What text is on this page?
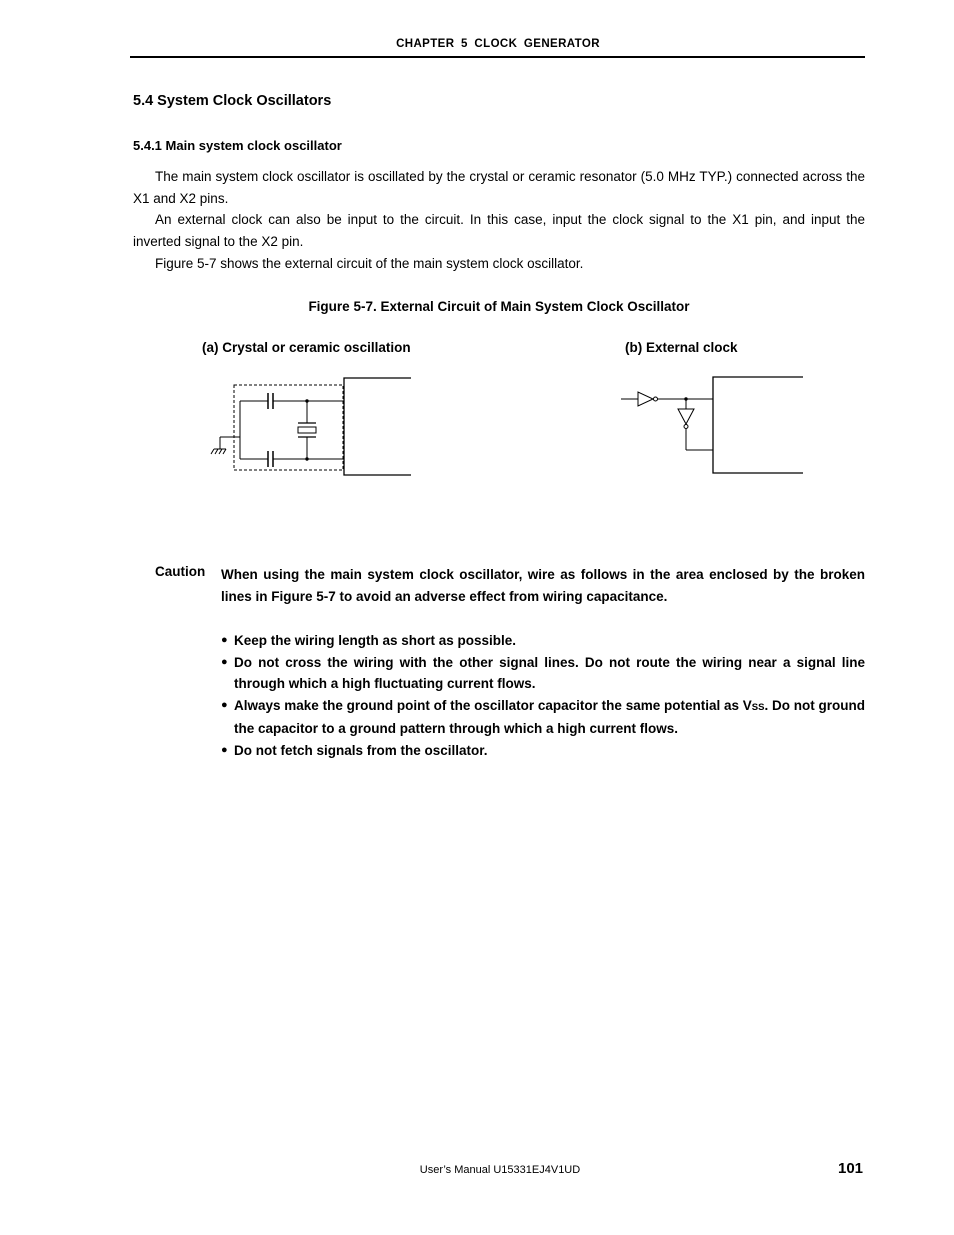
CHAPTER 5 CLOCK GENERATOR
5.4 System Clock Oscillators
5.4.1 Main system clock oscillator

The main system clock oscillator is oscillated by the crystal or ceramic resonator (5.0 MHz TYP.) connected across the X1 and X2 pins.

An external clock can also be input to the circuit. In this case, input the clock signal to the X1 pin, and input the inverted signal to the X2 pin.

Figure 5-7 shows the external circuit of the main system clock oscillator.

Figure 5-7. External Circuit of Main System Clock Oscillator
(a) Crystal or ceramic oscillation	(b) External clock
Caution When using the main system clock oscillator, wire as follows in the area enclosed by the broken lines in Figure 5-7 to avoid an adverse effect from wiring capacitance.
● Keep the wiring length as short as possible.
● Do not cross the wiring with the other signal lines. Do not route the wiring near a signal line through which a high fluctuating current flows.
● Always make the ground point of the oscillator capacitor the same potential as VSS. Do not ground the capacitor to a ground pattern through which a high current flows.
● Do not fetch signals from the oscillator.
User’s Manual U15331EJ4V1UD	101
